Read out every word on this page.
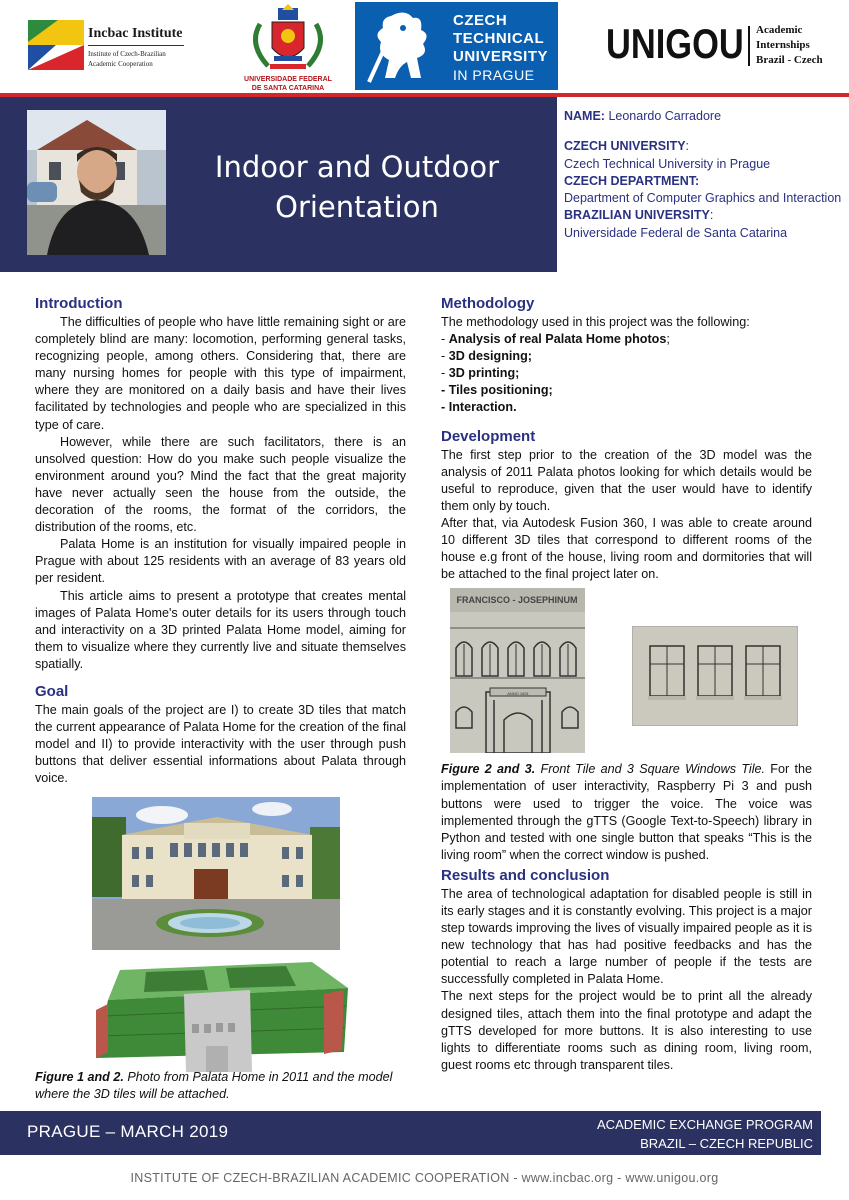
Incbac Institute
Institute of Czech-Brazilian
Academic Cooperation
UNIVERSIDADE FEDERAL
DE SANTA CATARINA
CZECH
TECHNICAL
UNIVERSITY
IN PRAGUE
UNIGOU Academic
Internships
Brazil - Czech
Indoor and Outdoor
Orientation
NAME: Leonardo Carradore
CZECH UNIVERSITY:
Czech Technical University in Prague
CZECH DEPARTMENT:
Department of Computer Graphics and Interaction
BRAZILIAN UNIVERSITY:
Universidade Federal de Santa Catarina
Introduction
The difficulties of people who have little remaining sight or are completely blind are many: locomotion, performing general tasks, recognizing people, among others. Considering that, there are many nursing homes for people with this type of impairment, where they are monitored on a daily basis and have their lives facilitated by technologies and people who are specialized in this type of care.
However, while there are such facilitators, there is an unsolved question: How do you make such people visualize the environment around you? Mind the fact that the great majority have never actually seen the house from the outside, the decoration of the rooms, the format of the corridors, the distribution of the rooms, etc.
Palata Home is an institution for visually impaired people in Prague with about 125 residents with an average of 83 years old per resident.
This article aims to present a prototype that creates mental images of Palata Home's outer details for its users through touch and interactivity on a 3D printed Palata Home model, aiming for them to visualize where they currently live and situate themselves spatially.
Goal
The main goals of the project are I) to create 3D tiles that match the current appearance of Palata Home for the creation of the final model and II) to provide interactivity with the user through push buttons that deliver essential informations about Palata through voice.
Figure 1 and 2. Photo from Palata Home in 2011 and the model where the 3D tiles will be attached.
Methodology
The methodology used in this project was the following:
- Analysis of real Palata Home photos;
- 3D designing;
- 3D printing;
- Tiles positioning;
- Interaction.
Development
The first step prior to the creation of the 3D model was the analysis of 2011 Palata photos looking for which details would be useful to reproduce, given that the user would have to identify them only by touch.
After that, via Autodesk Fusion 360, I was able to create around 10 different 3D tiles that correspond to different rooms of the house e.g front of the house, living room and dormitories that will be attached to the final project later on.
Figure 2 and 3. Front Tile and 3 Square Windows Tile. For the implementation of user interactivity, Raspberry Pi 3 and push buttons were used to trigger the voice. The voice was implemented through the gTTS (Google Text-to-Speech) library in Python and tested with one single button that speaks “This is the living room” when the correct window is pushed.
Results and conclusion
The area of technological adaptation for disabled people is still in its early stages and it is constantly evolving. This project is a major step towards improving the lives of visually impaired people as it is new technology that has had positive feedbacks and has the potential to reach a large number of people if the tests are successfully completed in Palata Home.
The next steps for the project would be to print all the already designed tiles, attach them into the final prototype and adapt the gTTS developed for more buttons. It is also interesting to use lights to differentiate rooms such as dining room, living room, guest rooms etc through transparent tiles.
FRANCISCO - JOSEPHINUM
ANNO 1891
PRAGUE – MARCH 2019	ACADEMIC EXCHANGE PROGRAM
BRAZIL – CZECH REPUBLIC
INSTITUTE OF CZECH-BRAZILIAN ACADEMIC COOPERATION - www.incbac.org - www.unigou.org
